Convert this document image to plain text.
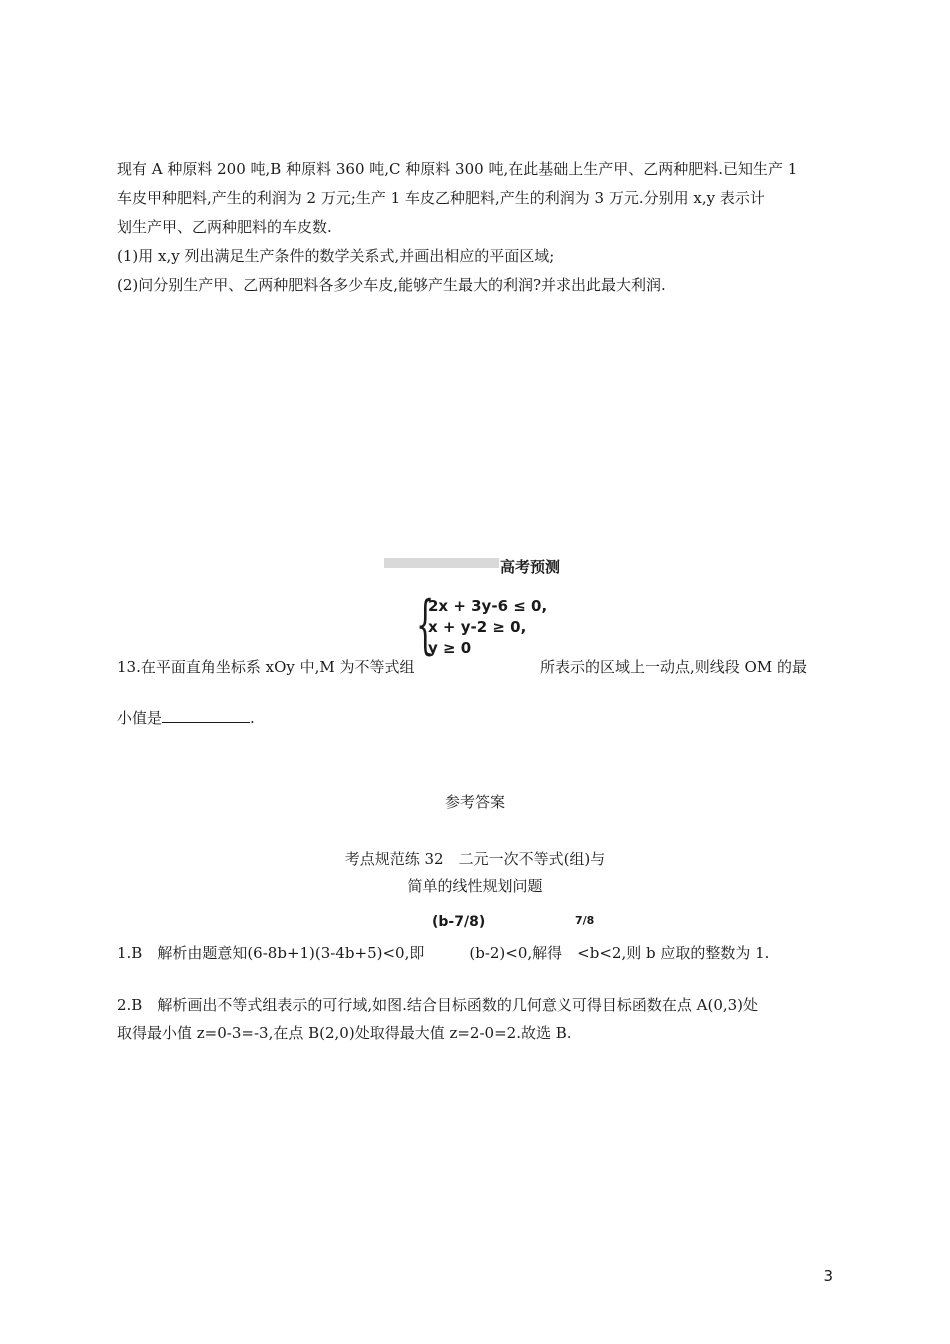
现有 A 种原料 200 吨,B 种原料 360 吨,C 种原料 300 吨,在此基础上生产甲、乙两种肥料.已知生产 1
车皮甲种肥料,产生的利润为 2 万元;生产 1 车皮乙种肥料,产生的利润为 3 万元.分别用 x,y 表示计
划生产甲、乙两种肥料的车皮数.
(1)用 x,y 列出满足生产条件的数学关系式,并画出相应的平面区域;
(2)问分别生产甲、乙两种肥料各多少车皮,能够产生最大的利润?并求出此最大利润.
高考预测
{
2x + 3y-6 ≤ 0,
x + y-2 ≥ 0,
y ≥ 0
13.在平面直角坐标系 xOy 中,M 为不等式组	所表示的区域上一动点,则线段 OM 的最
小值是	.
参考答案
考点规范练 32　二元一次不等式(组)与
简单的线性规划问题
(b-7/8)	7/8
1.B　解析由题意知(6-8b+1)(3-4b+5)<0,即　　　(b-2)<0,解得　<b<2,则 b 应取的整数为 1.
2.B　解析画出不等式组表示的可行域,如图.结合目标函数的几何意义可得目标函数在点 A(0,3)处
取得最小值 z=0-3=-3,在点 B(2,0)处取得最大值 z=2-0=2.故选 B.
3
